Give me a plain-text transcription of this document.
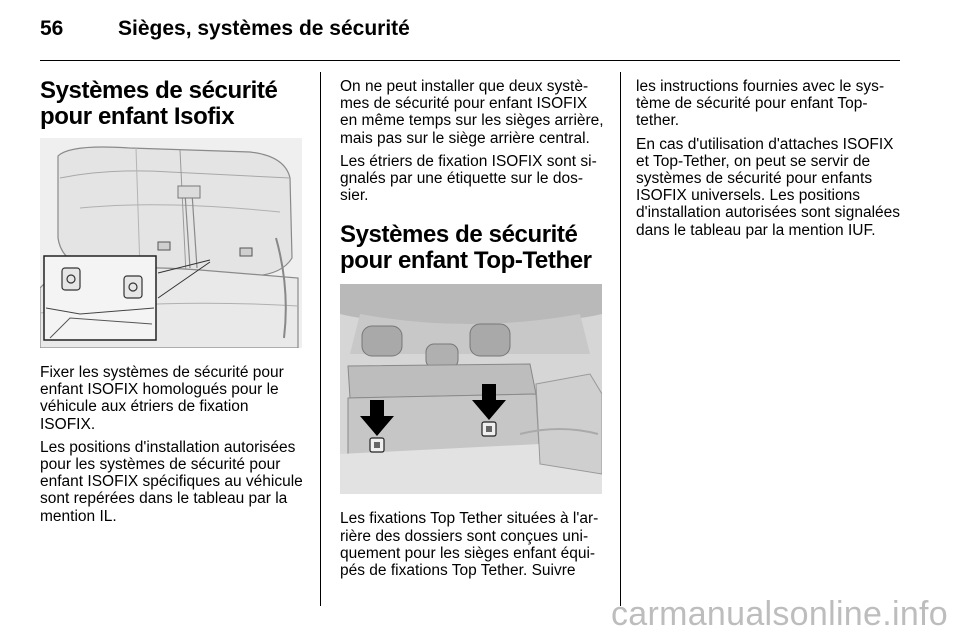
56	Sièges, systèmes de sécurité
Systèmes de sécurité pour enfant Isofix

Fixer les systèmes de sécurité pour enfant ISOFIX homologués pour le véhicule aux étriers de fixation ISOFIX.

Les positions d'installation autorisées pour les systèmes de sécurité pour enfant ISOFIX spécifiques au véhicule sont repérées dans le tableau par la mention IL.

On ne peut installer que deux systèmes de sécurité pour enfant ISOFIX en même temps sur les sièges arrière, mais pas sur le siège arrière central.

Les étriers de fixation ISOFIX sont signalés par une étiquette sur le dossier.

Systèmes de sécurité pour enfant Top-Tether

Les fixations Top Tether situées à l'arrière des dossiers sont conçues uniquement pour les sièges enfant équipés de fixations Top Tether. Suivre

les instructions fournies avec le système de sécurité pour enfant Top-tether.

En cas d'utilisation d'attaches ISOFIX et Top-Tether, on peut se servir de systèmes de sécurité pour enfants ISOFIX universels. Les positions d'installation autorisées sont signalées dans le tableau par la mention IUF.

carmanualsonline.info
